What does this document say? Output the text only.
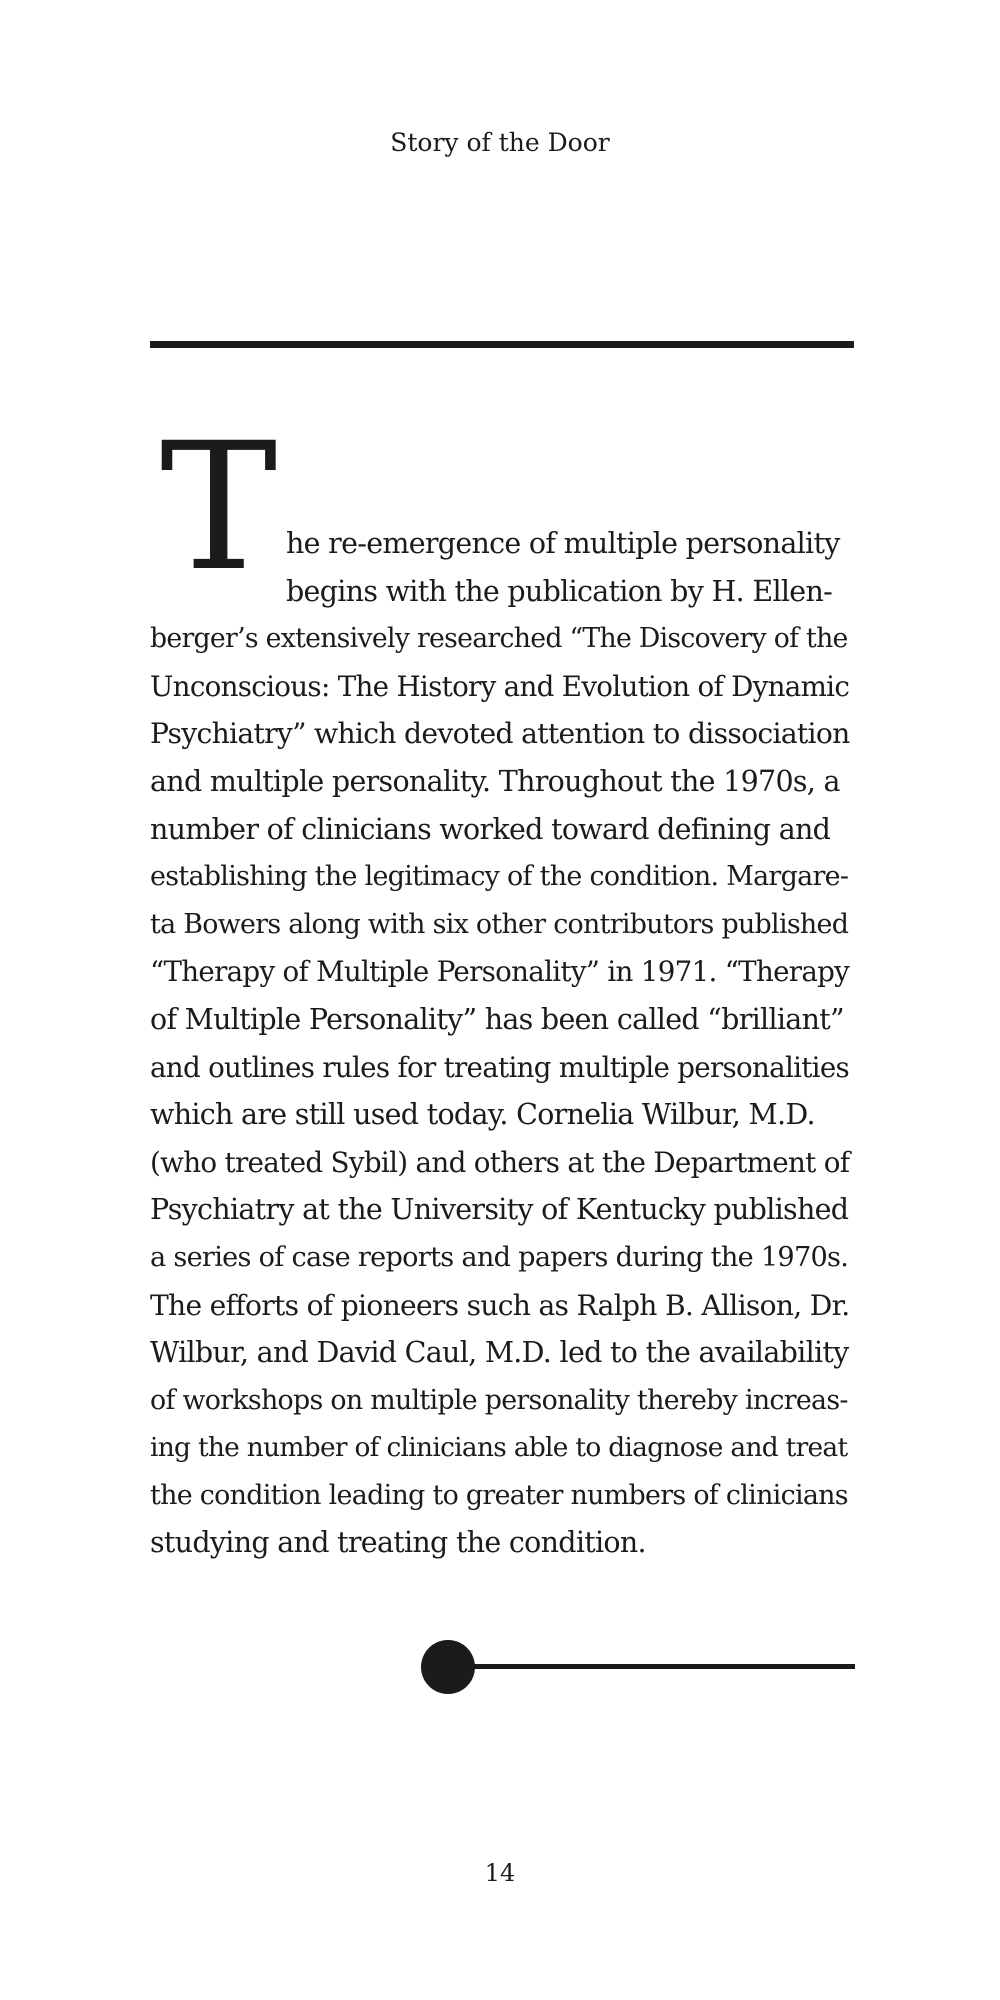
Story of the Door
T he re-emergence of multiple personality
begins with the publication by H. Ellen-
berger’s extensively researched “The Discovery of the
Unconscious: The History and Evolution of Dynamic
Psychiatry” which devoted attention to dissociation
and multiple personality. Throughout the 1970s, a
number of clinicians worked toward defining and
establishing the legitimacy of the condition. Margare-
ta Bowers along with six other contributors published
“Therapy of Multiple Personality” in 1971. “Therapy
of Multiple Personality” has been called “brilliant”
and outlines rules for treating multiple personalities
which are still used today. Cornelia Wilbur, M.D.
(who treated Sybil) and others at the Department of
Psychiatry at the University of Kentucky published
a series of case reports and papers during the 1970s.
The efforts of pioneers such as Ralph B. Allison, Dr.
Wilbur, and David Caul, M.D. led to the availability
of workshops on multiple personality thereby increas-
ing the number of clinicians able to diagnose and treat
the condition leading to greater numbers of clinicians
studying and treating the condition.
14
